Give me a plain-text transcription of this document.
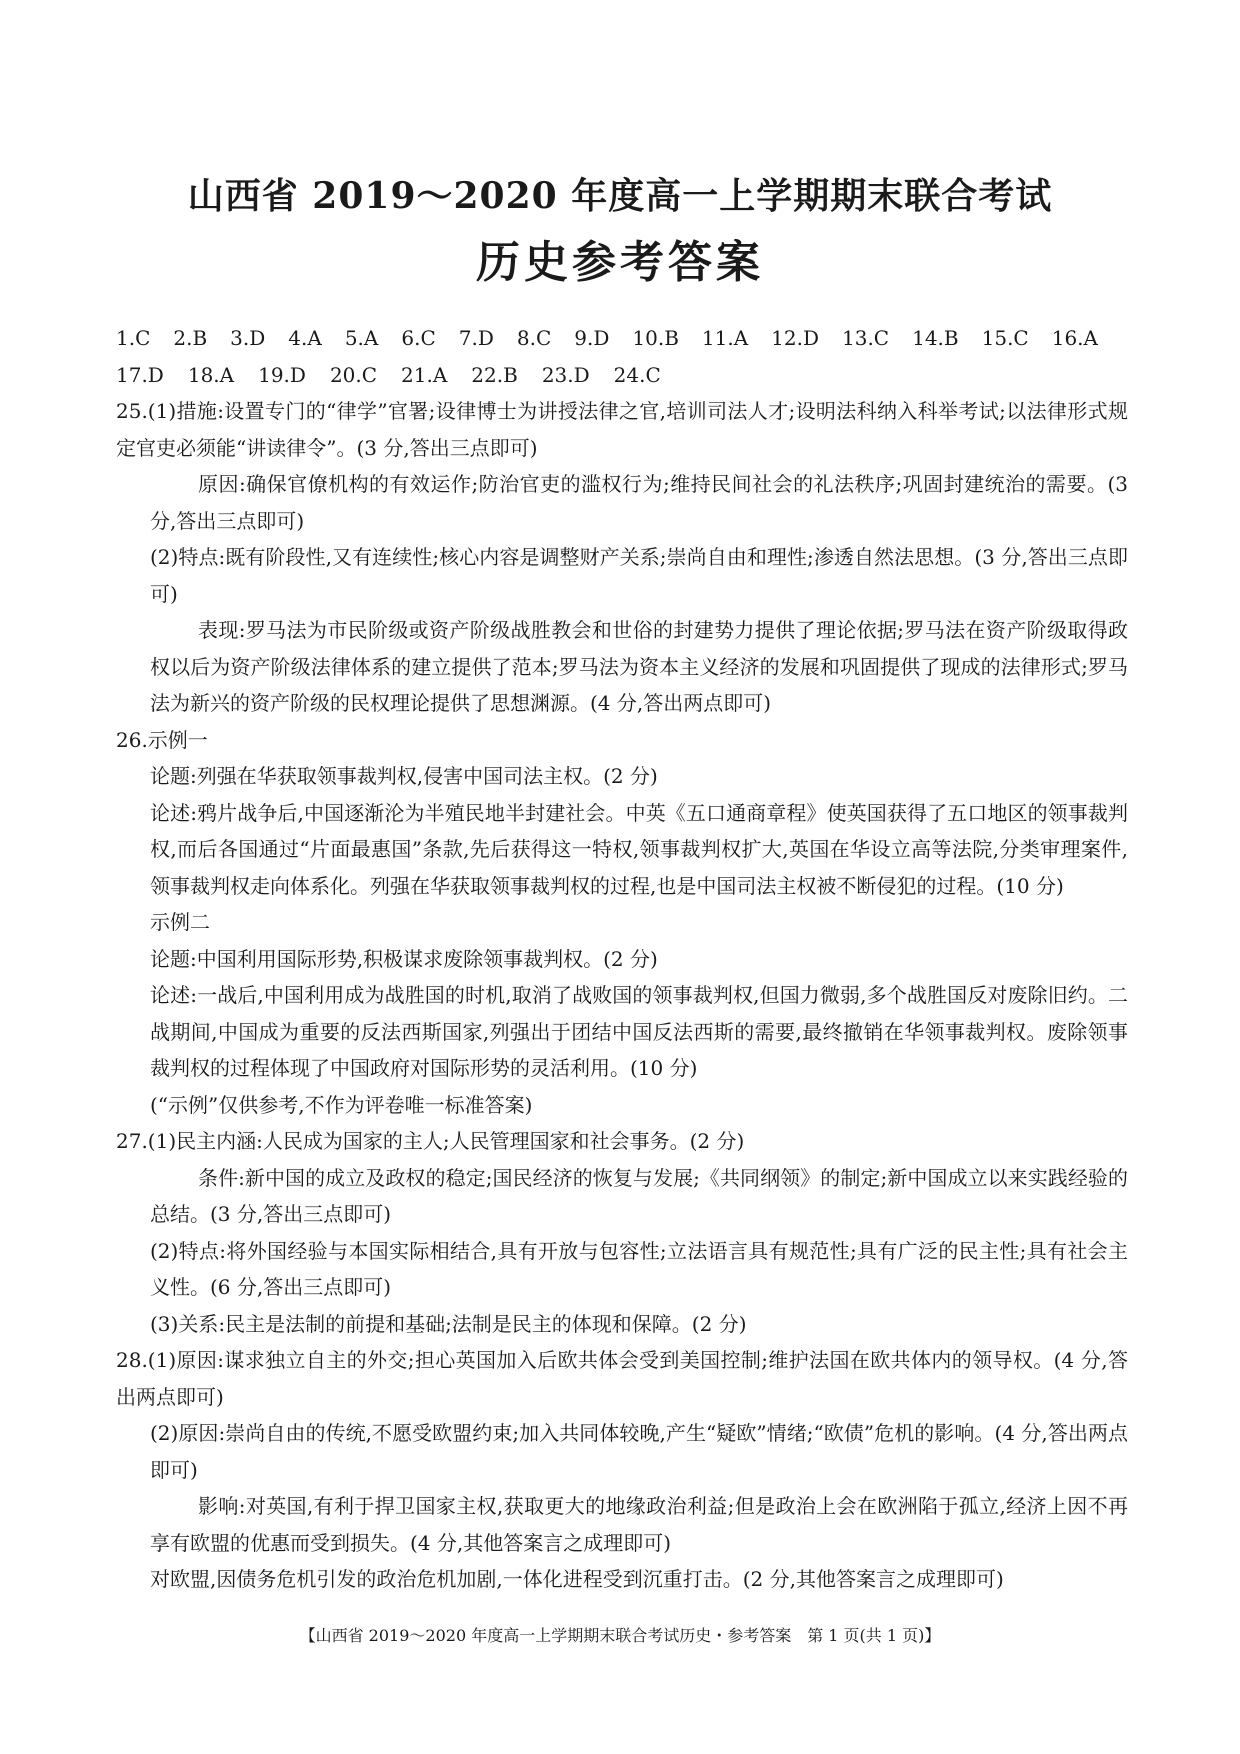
山西省 2019～2020 年度高一上学期期末联合考试
历史参考答案
1.C 2.B 3.D 4.A 5.A 6.C 7.D 8.C 9.D 10.B 11.A 12.D 13.C 14.B 15.C 16.A
17.D 18.A 19.D 20.C 21.A 22.B 23.D 24.C

25.(1)措施:设置专门的“律学”官署;设律博士为讲授法律之官,培训司法人才;设明法科纳入科举考试;以法律形式规定官吏必须能“讲读律令”。(3 分,答出三点即可)

原因:确保官僚机构的有效运作;防治官吏的滥权行为;维持民间社会的礼法秩序;巩固封建统治的需要。(3 分,答出三点即可)

(2)特点:既有阶段性,又有连续性;核心内容是调整财产关系;崇尚自由和理性;渗透自然法思想。(3 分,答出三点即可)

表现:罗马法为市民阶级或资产阶级战胜教会和世俗的封建势力提供了理论依据;罗马法在资产阶级取得政权以后为资产阶级法律体系的建立提供了范本;罗马法为资本主义经济的发展和巩固提供了现成的法律形式;罗马法为新兴的资产阶级的民权理论提供了思想渊源。(4 分,答出两点即可)

26.示例一

论题:列强在华获取领事裁判权,侵害中国司法主权。(2 分)

论述:鸦片战争后,中国逐渐沦为半殖民地半封建社会。中英《五口通商章程》使英国获得了五口地区的领事裁判权,而后各国通过“片面最惠国”条款,先后获得这一特权,领事裁判权扩大,英国在华设立高等法院,分类审理案件,领事裁判权走向体系化。列强在华获取领事裁判权的过程,也是中国司法主权被不断侵犯的过程。(10 分)

示例二

论题:中国利用国际形势,积极谋求废除领事裁判权。(2 分)

论述:一战后,中国利用成为战胜国的时机,取消了战败国的领事裁判权,但国力微弱,多个战胜国反对废除旧约。二战期间,中国成为重要的反法西斯国家,列强出于团结中国反法西斯的需要,最终撤销在华领事裁判权。废除领事裁判权的过程体现了中国政府对国际形势的灵活利用。(10 分)

(“示例”仅供参考,不作为评卷唯一标准答案)

27.(1)民主内涵:人民成为国家的主人;人民管理国家和社会事务。(2 分)

条件:新中国的成立及政权的稳定;国民经济的恢复与发展;《共同纲领》的制定;新中国成立以来实践经验的总结。(3 分,答出三点即可)

(2)特点:将外国经验与本国实际相结合,具有开放与包容性;立法语言具有规范性;具有广泛的民主性;具有社会主义性。(6 分,答出三点即可)

(3)关系:民主是法制的前提和基础;法制是民主的体现和保障。(2 分)

28.(1)原因:谋求独立自主的外交;担心英国加入后欧共体会受到美国控制;维护法国在欧共体内的领导权。(4 分,答出两点即可)

(2)原因:崇尚自由的传统,不愿受欧盟约束;加入共同体较晚,产生“疑欧”情绪;“欧债”危机的影响。(4 分,答出两点即可)

影响:对英国,有利于捍卫国家主权,获取更大的地缘政治利益;但是政治上会在欧洲陷于孤立,经济上因不再享有欧盟的优惠而受到损失。(4 分,其他答案言之成理即可)

对欧盟,因债务危机引发的政治危机加剧,一体化进程受到沉重打击。(2 分,其他答案言之成理即可)

【山西省 2019～2020 年度高一上学期期末联合考试历史・参考答案　第 1 页(共 1 页)】
